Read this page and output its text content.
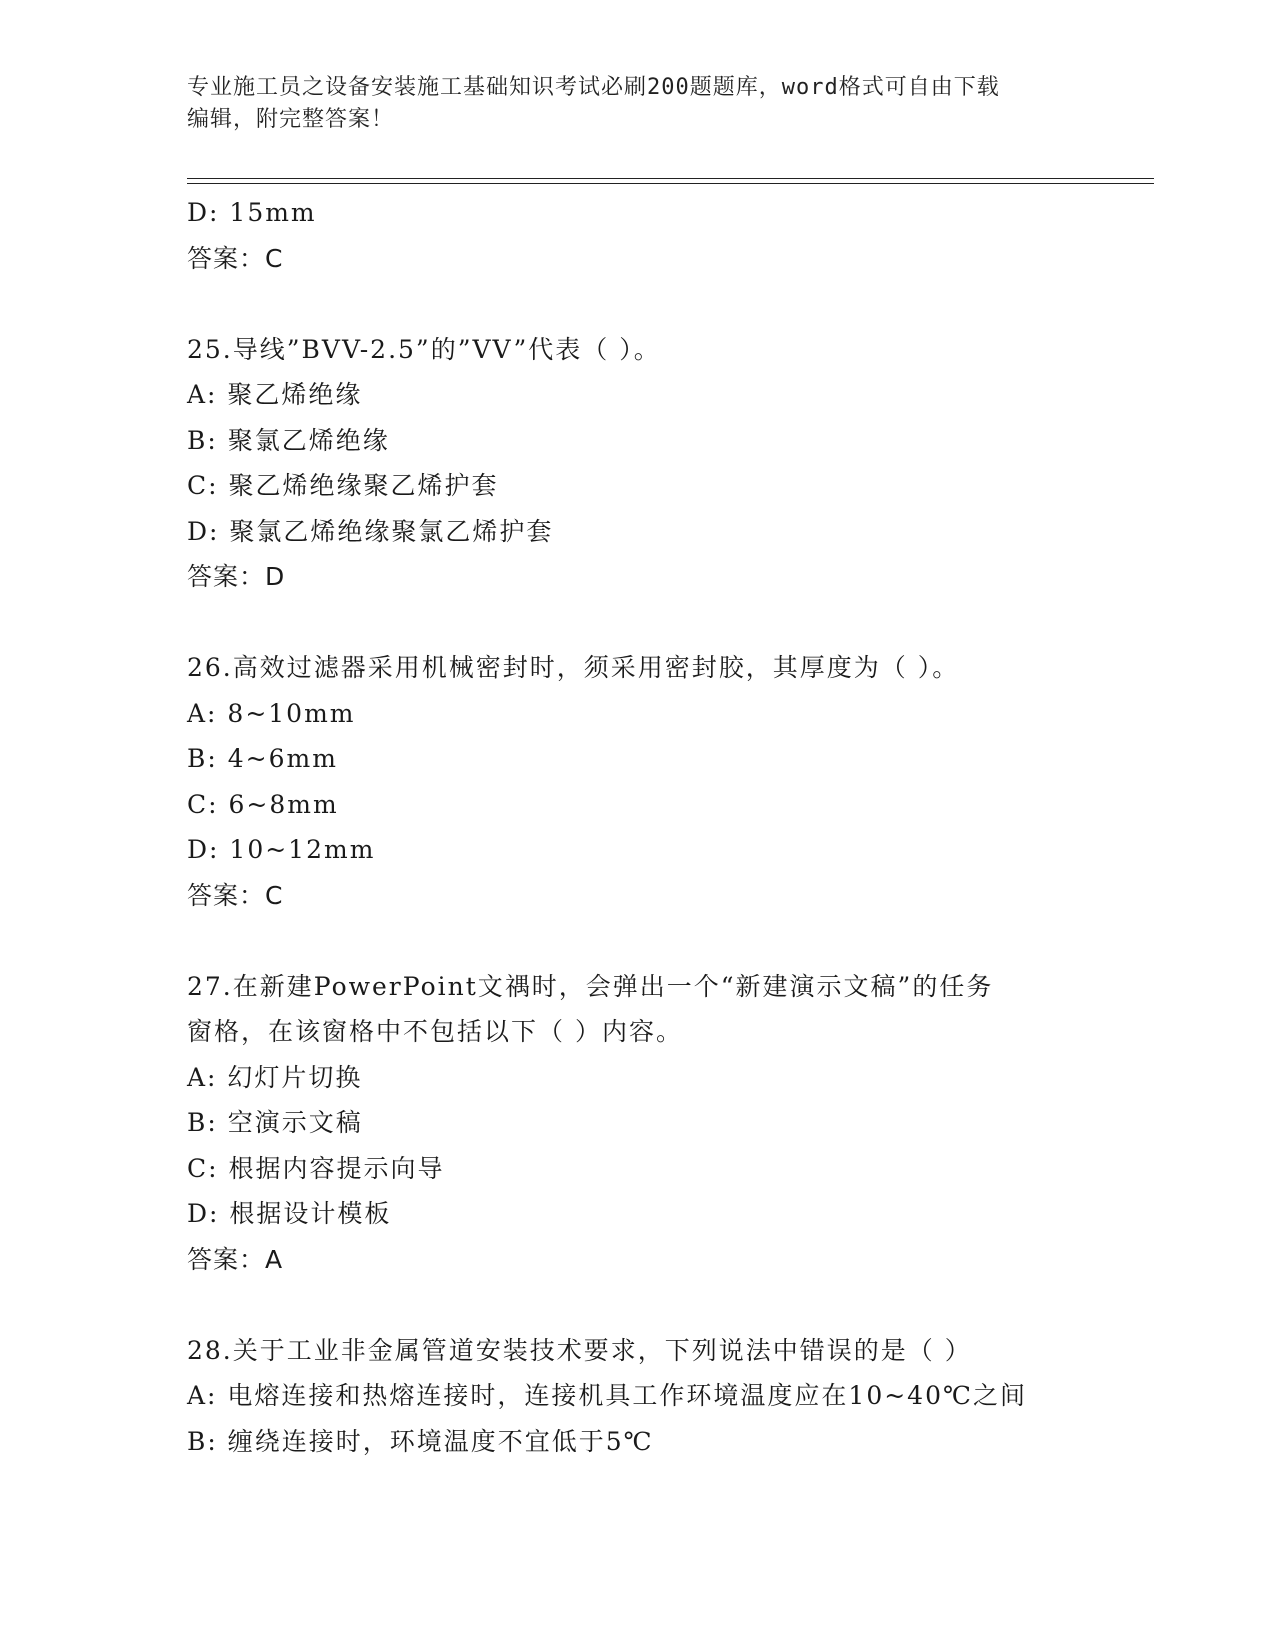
专业施工员之设备安装施工基础知识考试必刷200题题库，word格式可自由下载
编辑，附完整答案！
D: 15mm
答案：C
25.导线”BVV-2.5”的”VV”代表（ ）。
A: 聚乙烯绝缘
B: 聚氯乙烯绝缘
C: 聚乙烯绝缘聚乙烯护套
D: 聚氯乙烯绝缘聚氯乙烯护套
答案：D
26.高效过滤器采用机械密封时，须采用密封胶，其厚度为（ ）。
A: 8~10mm
B: 4~6mm
C: 6~8mm
D: 10~12mm
答案：C
27.在新建PowerPoint文禑时，会弹出一个“新建演示文稿”的任务
窗格，在该窗格中不包括以下（ ）内容。
A: 幻灯片切换
B: 空演示文稿
C: 根据内容提示向导
D: 根据设计模板
答案：A
28.关于工业非金属管道安装技术要求，下列说法中错误的是（ ）
A: 电熔连接和热熔连接时，连接机具工作环境温度应在10~40℃之间
B: 缠绕连接时，环境温度不宜低于5℃
